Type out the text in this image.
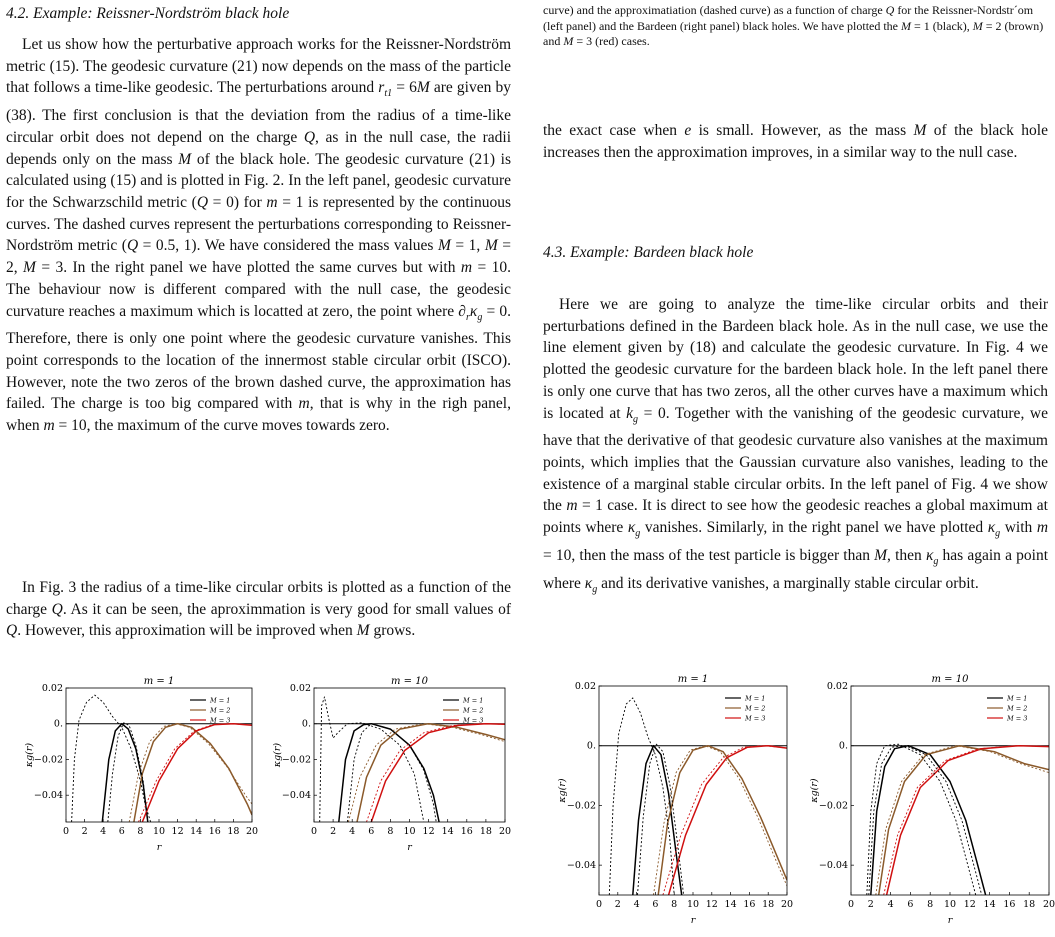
4.2. Example: Reissner-Nordström black hole

Let us show how the perturbative approach works for the Reissner-Nordström metric (15). The geodesic curvature (21) now depends on the mass of the particle that follows a time-like geodesic. The perturbations around $r_{t1} = 6M$ are given by (38). The first conclusion is that the deviation from the radius of a time-like circular orbit does not depend on the charge Q, as in the null case, the radii depends only on the mass M of the black hole. The geodesic curvature (21) is calculated using (15) and is plotted in Fig. 2. In the left panel, geodesic curvature for the Schwarzschild metric (Q = 0) for m = 1 is represented by the continuous curves. The dashed curves represent the perturbations corresponding to Reissner-Nordström metric (Q = 0.5, 1). We have considered the mass values M = 1, M = 2, M = 3. In the right panel we have plotted the same curves but with m = 10. The behaviour now is different compared with the null case, the geodesic curvature reaches a maximum which is locatted at zero, the point where $\partial_r\kappa_g = 0$. Therefore, there is only one point where the geodesic curvature vanishes. This point corresponds to the location of the innermost stable circular orbit (ISCO). However, note the two zeros of the brown dashed curve, the approximation has failed. The charge is too big compared with m, that is why in the righ panel, when m = 10, the maximum of the curve moves towards zero.

In Fig. 3 the radius of a time-like circular orbits is plotted as a function of the charge Q. As it can be seen, the aproximmation is very good for small values of Q. However, this approximation will be improved when M grows.

m = 1
0 2 4 6 8 10 12 14 16 18 20
0.02
0.
−0.02
−0.04
r
κg(r)
M = 1
M = 2
M = 3
m = 10
0 2 4 6 8 10 12 14 16 18 20
0.02
0.
−0.02
−0.04
r
κg(r)
M = 1
M = 2
M = 3

curve) and the approximatiation (dashed curve) as a function of charge Q for the Reissner-Nordstr´om (left panel) and the Bardeen (right panel) black holes. We have plotted the M = 1 (black), M = 2 (brown) and M = 3 (red) cases.

the exact case when e is small. However, as the mass M of the black hole increases then the approximation improves, in a similar way to the null case.

4.3. Example: Bardeen black hole

Here we are going to analyze the time-like circular orbits and their perturbations defined in the Bardeen black hole. As in the null case, we use the line element given by (18) and calculate the geodesic curvature. In Fig. 4 we plotted the geodesic curvature for the bardeen black hole. In the left panel there is only one curve that has two zeros, all the other curves have a maximum which is located at $k_g = 0$. Together with the vanishing of the geodesic curvature, we have that the derivative of that geodesic curvature also vanishes at the maximum points, which implies that the Gaussian curvature also vanishes, leading to the existence of a marginal stable circular orbits. In the left panel of Fig. 4 we show the m = 1 case. It is direct to see how the geodesic reaches a global maximum at points where $\kappa_g$ vanishes. Similarly, in the right panel we have plotted $\kappa_g$ with m = 10, then the mass of the test particle is bigger than M, then $\kappa_g$ has again a point where $\kappa_g$ and its derivative vanishes, a marginally stable circular orbit.

m = 1
0 2 4 6 8 10 12 14 16 18 20
0.02
0.
−0.02
−0.04
r
κg(r)
M = 1
M = 2
M = 3
m = 10
0 2 4 6 8 10 12 14 16 18 20
0.02
0.
−0.02
−0.04
r
κg(r)
M = 1
M = 2
M = 3
